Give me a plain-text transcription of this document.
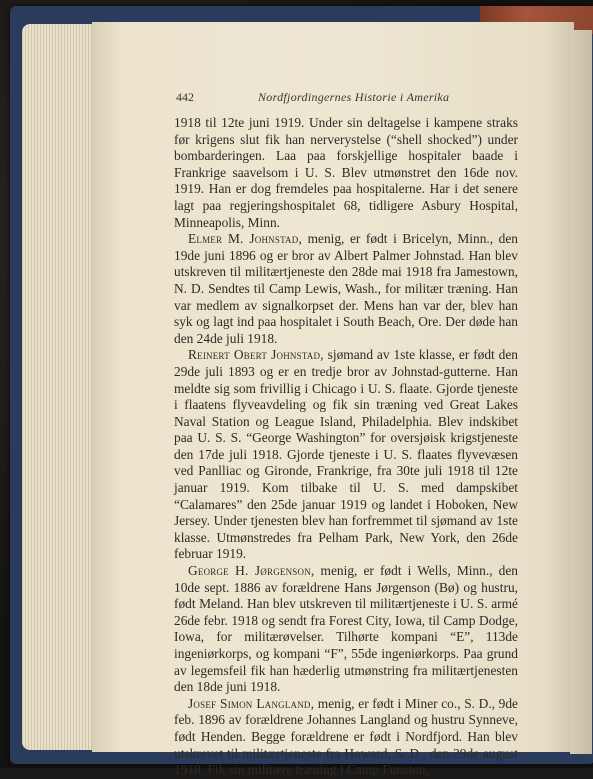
442	Nordfjordingernes Historie i Amerika

1918 til 12te juni 1919. Under sin deltagelse i kampene straks før krigens slut fik han nerverystelse (“shell shocked”) under bombarderingen. Laa paa forskjellige hospitaler baade i Frankrige saavelsom i U. S. Blev utmønstret den 16de nov. 1919. Han er dog fremdeles paa hospitalerne. Har i det senere lagt paa regjeringshospitalet 68, tidligere Asbury Hospital, Minneapolis, Minn.

Elmer M. Johnstad, menig, er født i Bricelyn, Minn., den 19de juni 1896 og er bror av Albert Palmer Johnstad. Han blev utskreven til militærtjeneste den 28de mai 1918 fra Jamestown, N. D. Sendtes til Camp Lewis, Wash., for militær træning. Han var medlem av signalkorpset der. Mens han var der, blev han syk og lagt ind paa hospitalet i South Beach, Ore. Der døde han den 24de juli 1918.

Reinert Obert Johnstad, sjømand av 1ste klasse, er født den 29de juli 1893 og er en tredje bror av Johnstad-gutterne. Han meldte sig som frivillig i Chicago i U. S. flaate. Gjorde tjeneste i flaatens flyveavdeling og fik sin træning ved Great Lakes Naval Station og League Island, Philadelphia. Blev indskibet paa U. S. S. “George Washington” for oversjøisk krigstjeneste den 17de juli 1918. Gjorde tjeneste i U. S. flaates flyvevæsen ved Panlliac og Gironde, Frankrige, fra 30te juli 1918 til 12te januar 1919. Kom tilbake til U. S. med dampskibet “Calamares” den 25de januar 1919 og landet i Hoboken, New Jersey. Under tjenesten blev han forfremmet til sjømand av 1ste klasse. Utmønstredes fra Pelham Park, New York, den 26de februar 1919.

George H. Jørgenson, menig, er født i Wells, Minn., den 10de sept. 1886 av forældrene Hans Jørgenson (Bø) og hustru, født Meland. Han blev utskreven til militærtjeneste i U. S. armé 26de febr. 1918 og sendt fra Forest City, Iowa, til Camp Dodge, Iowa, for militærøvelser. Tilhørte kompani “E”, 113de ingeniørkorps, og kompani “F”, 55de ingeniørkorps. Paa grund av legemsfeil fik han hæderlig utmønstring fra militærtjenesten den 18de juni 1918.

Josef Simon Langland, menig, er født i Miner co., S. D., 9de feb. 1896 av forældrene Johannes Langland og hustru Synneve, født Henden. Begge forældrene er født i Nordfjord. Han blev utskrevet til militærtjeneste fra Howard, S. D., den 29de august 1918. Fik sin militære træning i Camp Funston,
